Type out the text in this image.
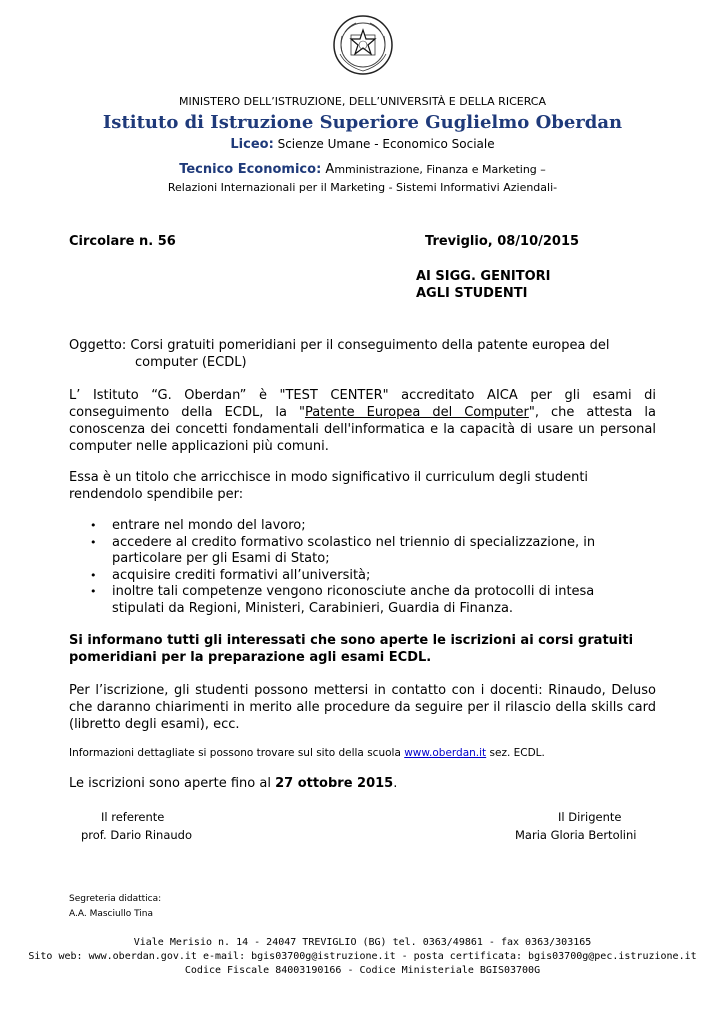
MINISTERO DELL’ISTRUZIONE, DELL’UNIVERSITÀ E DELLA RICERCA
Istituto di Istruzione Superiore Guglielmo Oberdan
Liceo: Scienze Umane - Economico Sociale
Tecnico Economico: Amministrazione, Finanza e Marketing –
Relazioni Internazionali per il Marketing - Sistemi Informativi Aziendali-
Circolare n. 56	Treviglio, 08/10/2015
AI SIGG. GENITORI
AGLI STUDENTI
Oggetto: Corsi gratuiti pomeridiani per il conseguimento della patente europea del
computer (ECDL)
L’ Istituto “G. Oberdan” è "TEST CENTER" accreditato AICA per gli esami di conseguimento della ECDL, la "Patente Europea del Computer", che attesta la conoscenza dei concetti fondamentali dell'informatica e la capacità di usare un personal computer nelle applicazioni più comuni.
Essa è un titolo che arricchisce in modo significativo il curriculum degli studenti rendendolo spendibile per:
• entrare nel mondo del lavoro;
• accedere al credito formativo scolastico nel triennio di specializzazione, in particolare per gli Esami di Stato;
• acquisire crediti formativi all’università;
• inoltre tali competenze vengono riconosciute anche da protocolli di intesa stipulati da Regioni, Ministeri, Carabinieri, Guardia di Finanza.
Si informano tutti gli interessati che sono aperte le iscrizioni ai corsi gratuiti pomeridiani per la preparazione agli esami ECDL.
Per l’iscrizione, gli studenti possono mettersi in contatto con i docenti: Rinaudo, Deluso che daranno chiarimenti in merito alle procedure da seguire per il rilascio della skills card (libretto degli esami), ecc.
Informazioni dettagliate si possono trovare sul sito della scuola www.oberdan.it sez. ECDL.
Le iscrizioni sono aperte fino al 27 ottobre 2015.
Il referente
prof. Dario Rinaudo
Il Dirigente
Maria Gloria Bertolini
Segreteria didattica:
A.A. Masciullo Tina
Viale Merisio n. 14 - 24047 TREVIGLIO (BG) tel. 0363/49861 - fax 0363/303165
Sito web: www.oberdan.gov.it e-mail: bgis03700g@istruzione.it - posta certificata: bgis03700g@pec.istruzione.it
Codice Fiscale 84003190166 - Codice Ministeriale BGIS03700G
